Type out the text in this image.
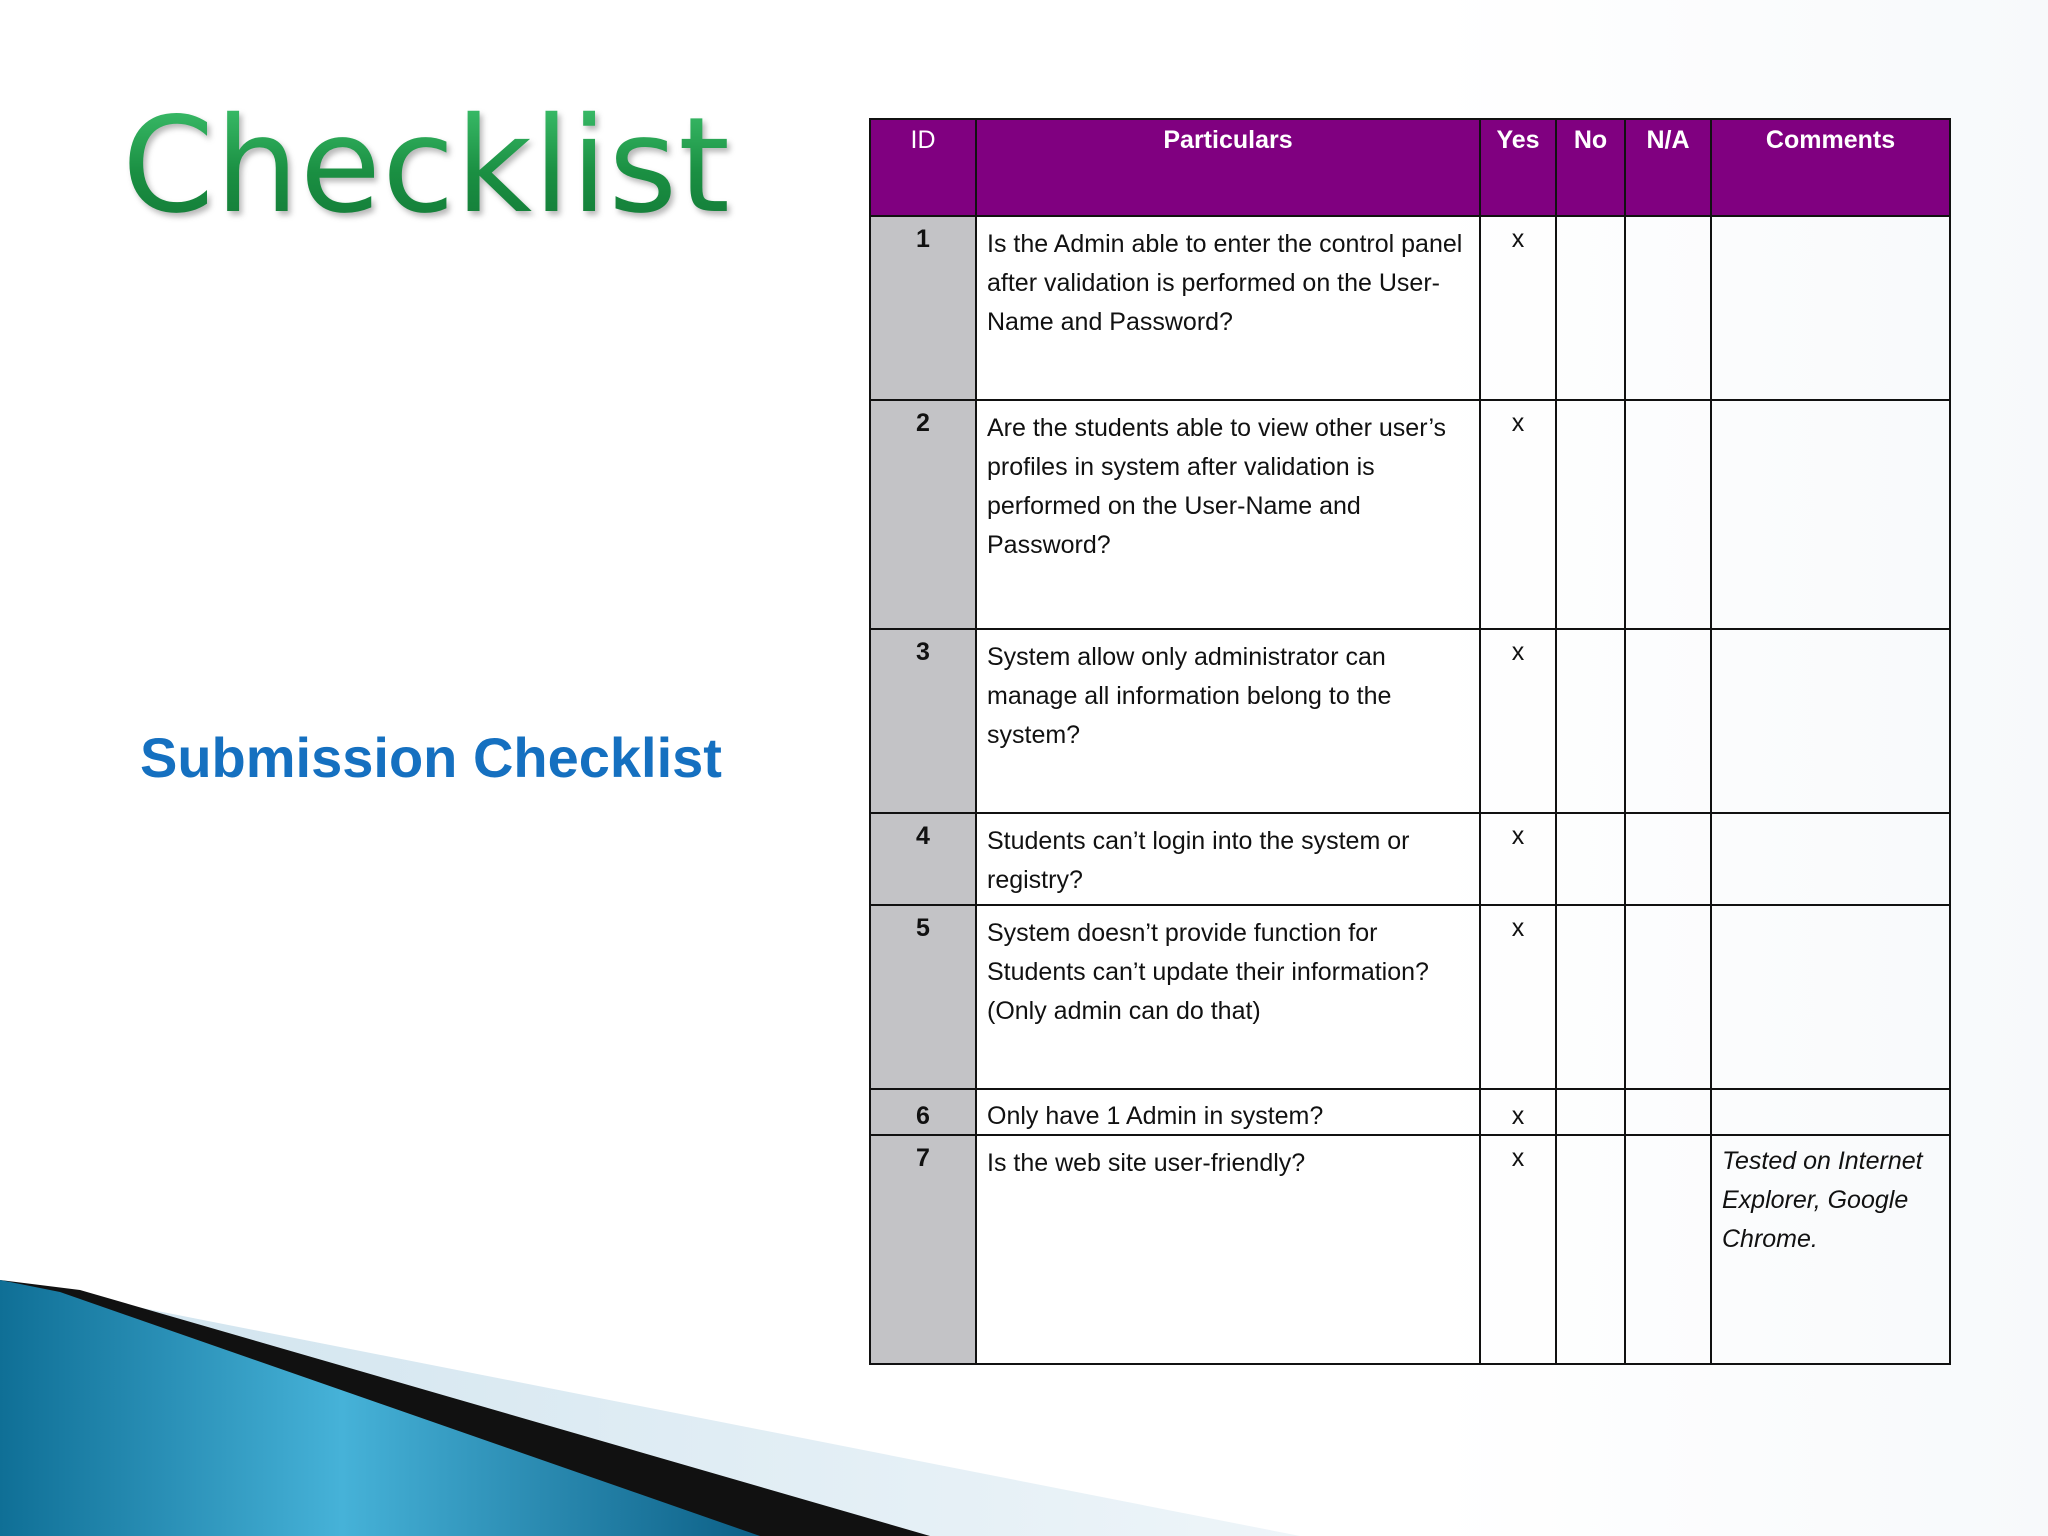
Checklist
Submission Checklist
ID	Particulars	Yes	No	N/A	Comments
1	Is the Admin able to enter the control panel after validation is performed on the User-Name and Password?	x			
2	Are the students able to view other user’s profiles in system after validation is performed on the User-Name and Password?	x			
3	System allow only administrator can manage all information belong to the system?	x			
4	Students can’t login into the system or registry?	x			
5	System doesn’t provide function for Students can’t update their information? (Only admin can do that)	x			
6	Only have 1 Admin in system?	x			
7	Is the web site user-friendly?	x			Tested on Internet Explorer, Google Chrome.
